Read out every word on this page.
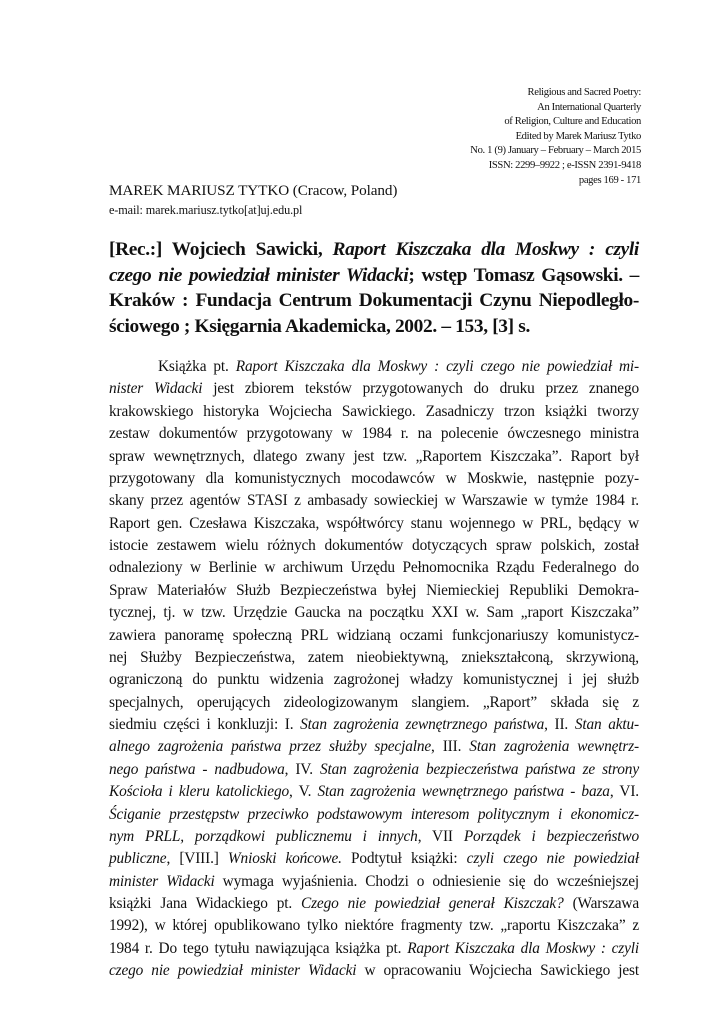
Religious and Sacred Poetry:
An International Quarterly
of Religion, Culture and Education
Edited by Marek Mariusz Tytko
No. 1 (9) January – February – March 2015
ISSN: 2299–9922 ; e-ISSN 2391-9418
pages 169 - 171
MAREK MARIUSZ TYTKO (Cracow, Poland)
e-mail: marek.mariusz.tytko[at]uj.edu.pl
[Rec.:] Wojciech Sawicki, Raport Kiszczaka dla Moskwy : czyli
czego nie powiedział minister Widacki; wstęp Tomasz Gąsowski. –
Kraków : Fundacja Centrum Dokumentacji Czynu Niepodległo-
ściowego ; Księgarnia Akademicka, 2002. – 153, [3] s.
Książka pt. Raport Kiszczaka dla Moskwy : czyli czego nie powiedział mi-
nister Widacki jest zbiorem tekstów przygotowanych do druku przez znanego
krakowskiego historyka Wojciecha Sawickiego. Zasadniczy trzon książki tworzy
zestaw dokumentów przygotowany w 1984 r. na polecenie ówczesnego ministra
spraw wewnętrznych, dlatego zwany jest tzw. „Raportem Kiszczaka”. Raport był
przygotowany dla komunistycznych mocodawców w Moskwie, następnie pozy-
skany przez agentów STASI z ambasady sowieckiej w Warszawie w tymże 1984 r.
Raport gen. Czesława Kiszczaka, współtwórcy stanu wojennego w PRL, będący w
istocie zestawem wielu różnych dokumentów dotyczących spraw polskich, został
odnaleziony w Berlinie w archiwum Urzędu Pełnomocnika Rządu Federalnego do
Spraw Materiałów Służb Bezpieczeństwa byłej Niemieckiej Republiki Demokra-
tycznej, tj. w tzw. Urzędzie Gaucka na początku XXI w. Sam „raport Kiszczaka”
zawiera panoramę społeczną PRL widzianą oczami funkcjonariuszy komunistycz-
nej Służby Bezpieczeństwa, zatem nieobiektywną, zniekształconą, skrzywioną,
ograniczoną do punktu widzenia zagrożonej władzy komunistycznej i jej służb
specjalnych, operujących zideologizowanym slangiem. „Raport” składa się z
siedmiu części i konkluzji: I. Stan zagrożenia zewnętrznego państwa, II. Stan aktu-
alnego zagrożenia państwa przez służby specjalne, III. Stan zagrożenia wewnętrz-
nego państwa - nadbudowa, IV. Stan zagrożenia bezpieczeństwa państwa ze strony
Kościoła i kleru katolickiego, V. Stan zagrożenia wewnętrznego państwa - baza, VI.
Ściganie przestępstw przeciwko podstawowym interesom politycznym i ekonomicz-
nym PRLL, porządkowi publicznemu i innych, VII Porządek i bezpieczeństwo
publiczne, [VIII.] Wnioski końcowe. Podtytuł książki: czyli czego nie powiedział
minister Widacki wymaga wyjaśnienia. Chodzi o odniesienie się do wcześniejszej
książki Jana Widackiego pt. Czego nie powiedział generał Kiszczak? (Warszawa
1992), w której opublikowano tylko niektóre fragmenty tzw. „raportu Kiszczaka” z
1984 r. Do tego tytułu nawiązująca książka pt. Raport Kiszczaka dla Moskwy : czyli
czego nie powiedział minister Widacki w opracowaniu Wojciecha Sawickiego jest
